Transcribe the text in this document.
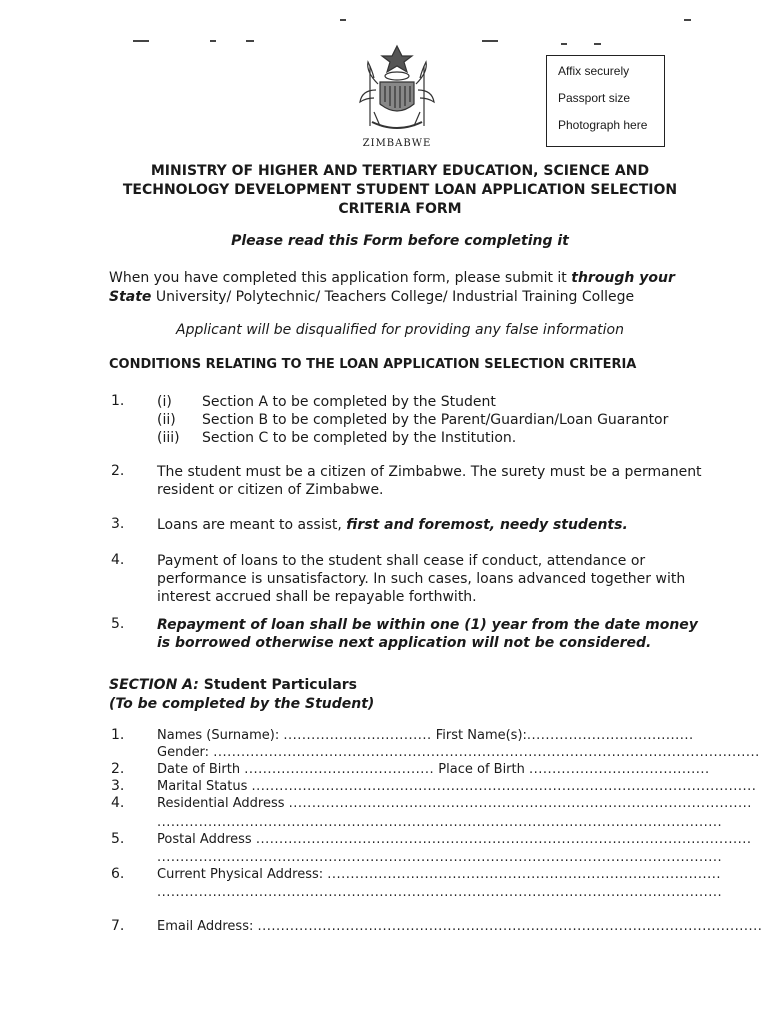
ZIMBABWE
Affix securely
Passport size
Photograph here
MINISTRY OF HIGHER AND TERTIARY EDUCATION, SCIENCE AND
TECHNOLOGY DEVELOPMENT STUDENT LOAN APPLICATION SELECTION
CRITERIA FORM
Please read this Form before completing it
When you have completed this application form, please submit it through your State University/ Polytechnic/ Teachers College/ Industrial Training College
Applicant will be disqualified for providing any false information
CONDITIONS RELATING TO THE LOAN APPLICATION SELECTION CRITERIA
1. (i) Section A to be completed by the Student
(ii) Section B to be completed by the Parent/Guardian/Loan Guarantor
(iii) Section C to be completed by the Institution.
2. The student must be a citizen of Zimbabwe. The surety must be a permanent resident or citizen of Zimbabwe.
3. Loans are meant to assist, first and foremost, needy students.
4. Payment of loans to the student shall cease if conduct, attendance or performance is unsatisfactory. In such cases, loans advanced together with interest accrued shall be repayable forthwith.
5. Repayment of loan shall be within one (1) year from the date money is borrowed otherwise next application will not be considered.
SECTION A: Student Particulars
(To be completed by the Student)
1.	Names (Surname): ................................ First Name(s):....................................
Gender: ......................................................................................................................
2.	Date of Birth ......................................... Place of Birth .......................................
3.	Marital Status .............................................................................................................
4.	Residential Address ....................................................................................................
..........................................................................................................................
5.	Postal Address ...........................................................................................................
..........................................................................................................................
6.	Current Physical Address: .....................................................................................
..........................................................................................................................
7.	Email Address: .............................................................................................................
